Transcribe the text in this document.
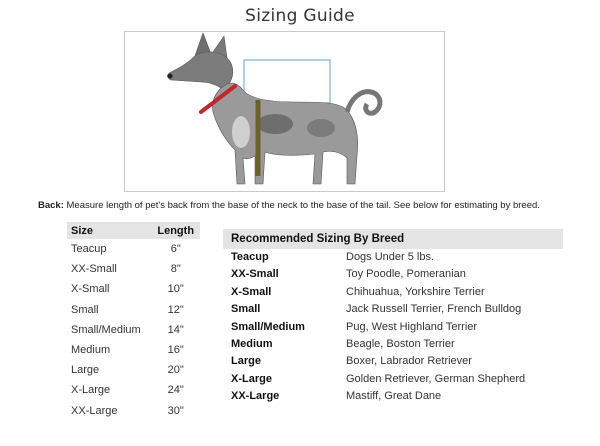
Sizing Guide
Back: Measure length of pet's back from the base of the neck to the base of the tail. See below for estimating by breed.
Size	Length
Teacup	6"
XX-Small	8"
X-Small	10"
Small	12"
Small/Medium	14"
Medium	16"
Large	20"
X-Large	24"
XX-Large	30"
Recommended Sizing By Breed
Teacup	Dogs Under 5 lbs.
XX-Small	Toy Poodle, Pomeranian
X-Small	Chihuahua, Yorkshire Terrier
Small	Jack Russell Terrier, French Bulldog
Small/Medium	Pug, West Highland Terrier
Medium	Beagle, Boston Terrier
Large	Boxer, Labrador Retriever
X-Large	Golden Retriever, German Shepherd
XX-Large	Mastiff, Great Dane
